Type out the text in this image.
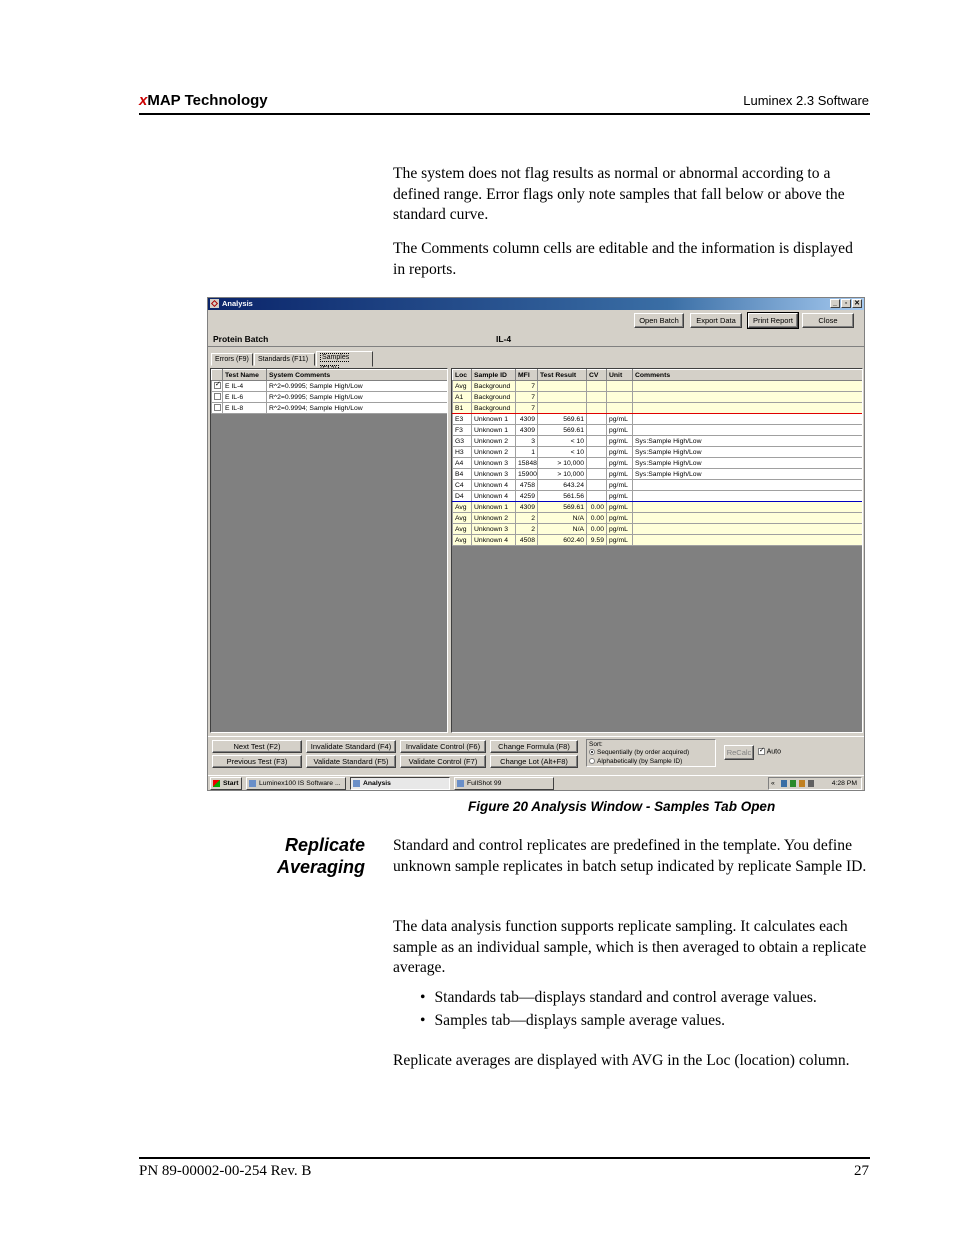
xMAP Technology	Luminex 2.3 Software

The system does not flag results as normal or abnormal according to a defined range. Error flags only note samples that fall below or above the standard curve.

The Comments column cells are editable and the information is displayed in reports.

Analysis	_	▫ ✕
Open Batch	Export Data	Print Report	Close
Protein Batch	IL-4
Errors (F9)	Standards (F11)	Samples
	Test Name	System Comments
✓	E IL-4	R^2=0.9995; Sample High/Low
	E IL-6	R^2=0.9995; Sample High/Low
	E IL-8	R^2=0.9994; Sample High/Low
Loc	Sample ID	MFI	Test Result	CV	Unit	Comments
Avg	Background	7				
A1	Background	7				
B1	Background	7				
E3	Unknown 1	4309	569.61		pg/mL	
F3	Unknown 1	4309	569.61		pg/mL	
G3	Unknown 2	3	< 10		pg/mL	Sys:Sample High/Low
H3	Unknown 2	1	< 10		pg/mL	Sys:Sample High/Low
A4	Unknown 3	15848	> 10,000		pg/mL	Sys:Sample High/Low
B4	Unknown 3	15900	> 10,000		pg/mL	Sys:Sample High/Low
C4	Unknown 4	4758	643.24		pg/mL	
D4	Unknown 4	4259	561.56		pg/mL	
Avg	Unknown 1	4309	569.61	0.00	pg/mL	
Avg	Unknown 2	2	N/A	0.00	pg/mL	
Avg	Unknown 3	2	N/A	0.00	pg/mL	
Avg	Unknown 4	4508	602.40	9.59	pg/mL	
Next Test (F2)
Previous Test (F3)
Invalidate Standard (F4)
Validate Standard (F5)
Invalidate Control (F6)
Validate Control (F7)
Change Formula (F8)
Change Lot (Alt+F8)
Sort:
Sequentially (by order acquired)
Alphabetically (by Sample ID)
ReCalc ✓	Auto
Start	Luminex100 IS Software ...	Analysis	FullShot 99	«	4:28 PM
Figure 20 Analysis Window - Samples Tab Open
Replicate
Averaging

Standard and control replicates are predefined in the template. You define unknown sample replicates in batch setup indicated by replicate Sample ID.

The data analysis function supports replicate sampling. It calculates each sample as an individual sample, which is then averaged to obtain a replicate average.

• Standards tab—displays standard and control average values.
• Samples tab—displays sample average values.

Replicate averages are displayed with AVG in the Loc (location) column.

PN 89-00002-00-254 Rev. B	27
